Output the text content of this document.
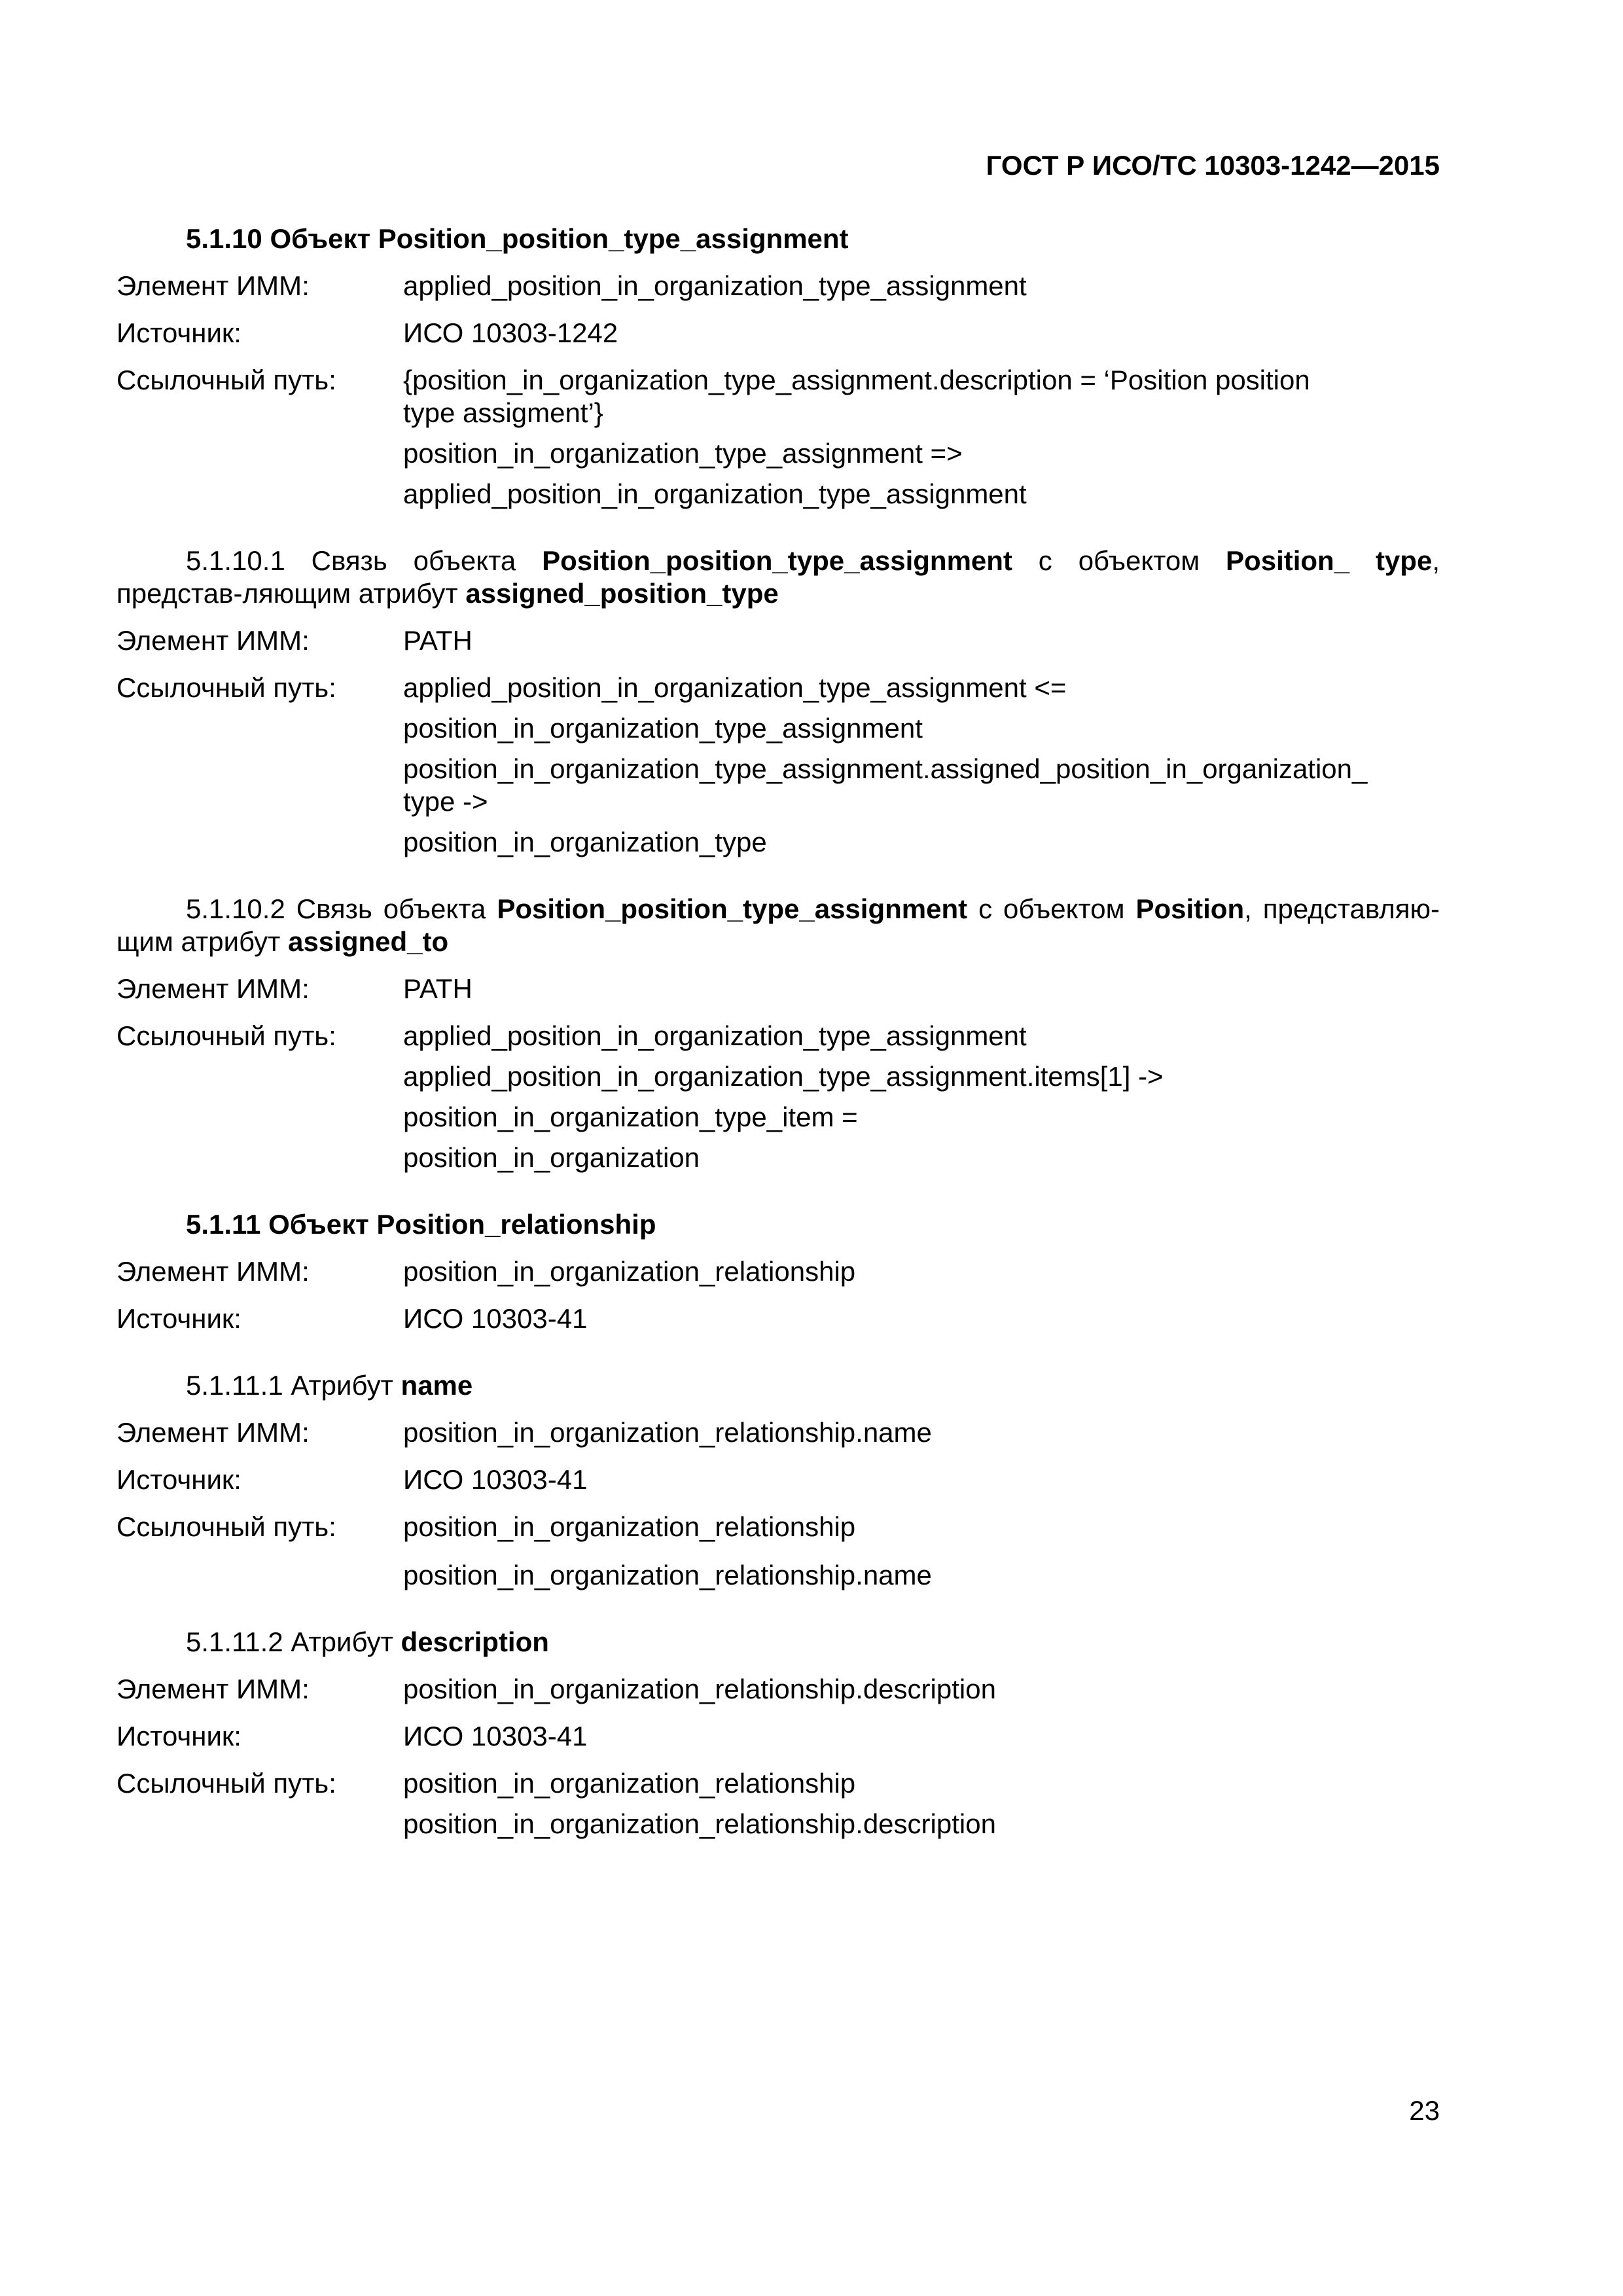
ГОСТ Р ИСО/ТС 10303-1242—2015
5.1.10 Объект Position_position_type_assignment
Элемент ИММ:	applied_position_in_organization_type_assignment
Источник:	ИСО 10303-1242
Ссылочный путь:	{position_in_organization_type_assignment.description = ‘Position position type assigment’}
position_in_organization_type_assignment =>
applied_position_in_organization_type_assignment
5.1.10.1 Связь объекта Position_position_type_assignment с объектом Position_ type, представ-ляющим атрибут assigned_position_type
Элемент ИММ:	PATH
Ссылочный путь:	applied_position_in_organization_type_assignment <=
position_in_organization_type_assignment
position_in_organization_type_assignment.assigned_position_in_organization_ type ->
position_in_organization_type
5.1.10.2 Связь объекта Position_position_type_assignment с объектом Position, представляю-щим атрибут assigned_to
Элемент ИММ:	PATH
Ссылочный путь:	applied_position_in_organization_type_assignment
applied_position_in_organization_type_assignment.items[1] ->
position_in_organization_type_item =
position_in_organization
5.1.11 Объект Position_relationship
Элемент ИММ:	position_in_organization_relationship
Источник:	ИСО 10303-41
5.1.11.1 Атрибут name
Элемент ИММ:	position_in_organization_relationship.name
Источник:	ИСО 10303-41
Ссылочный путь:	position_in_organization_relationship
position_in_organization_relationship.name
5.1.11.2 Атрибут description
Элемент ИММ:	position_in_organization_relationship.description
Источник:	ИСО 10303-41
Ссылочный путь:	position_in_organization_relationship
position_in_organization_relationship.description
23
